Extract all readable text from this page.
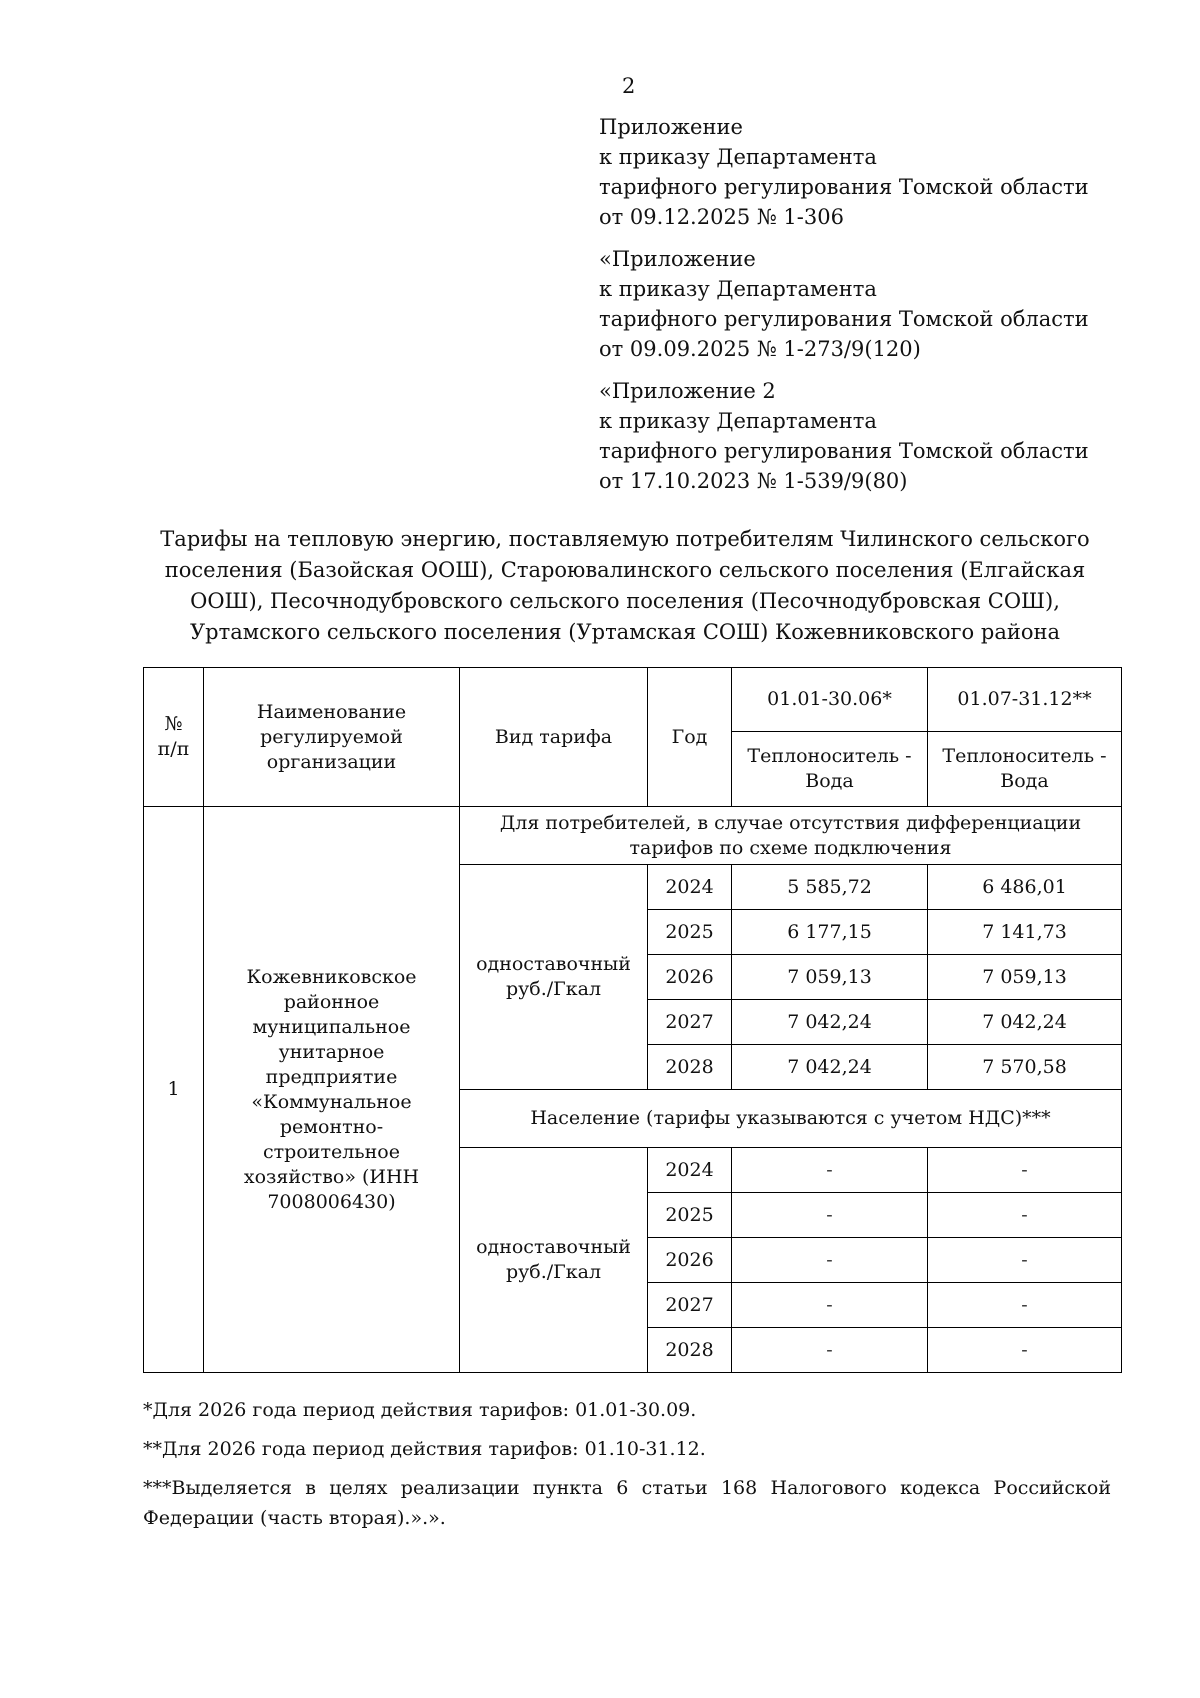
2
Приложение
к приказу Департамента
тарифного регулирования Томской области
от 09.12.2025 № 1-306
«Приложение
к приказу Департамента
тарифного регулирования Томской области
от 09.09.2025 № 1-273/9(120)
«Приложение 2
к приказу Департамента
тарифного регулирования Томской области
от 17.10.2023 № 1-539/9(80)
Тарифы на тепловую энергию, поставляемую потребителям Чилинского сельского
поселения (Базойская ООШ), Староювалинского сельского поселения (Елгайская
ООШ), Песочнодубровского сельского поселения (Песочнодубровская СОШ),
Уртамского сельского поселения (Уртамская СОШ) Кожевниковского района
№ п/п	Наименование регулируемой организации	Вид тарифа	Год	01.01-30.06*	01.07-31.12**

				Теплоноситель - Вода	Теплоноситель - Вода

1	Кожевниковское районное муниципальное унитарное предприятие «Коммунальное ремонтно-строительное хозяйство» (ИНН 7008006430)	Для потребителей, в случае отсутствия дифференциации тарифов по схеме подключения			

		одноставочный руб./Гкал	2024	5 585,72	6 486,01
			2025	6 177,15	7 141,73
			2026	7 059,13	7 059,13
			2027	7 042,24	7 042,24
			2028	7 042,24	7 570,58
		Население (тарифы указываются с учетом НДС)***			

		одноставочный руб./Гкал	2024	-	-
			2025	-	-
			2026	-	-
			2027	-	-
			2028	-	-
*Для 2026 года период действия тарифов: 01.01-30.09.
**Для 2026 года период действия тарифов: 01.10-31.12.
***Выделяется в целях реализации пункта 6 статьи 168 Налогового кодекса Российской Федерации (часть вторая).».».
